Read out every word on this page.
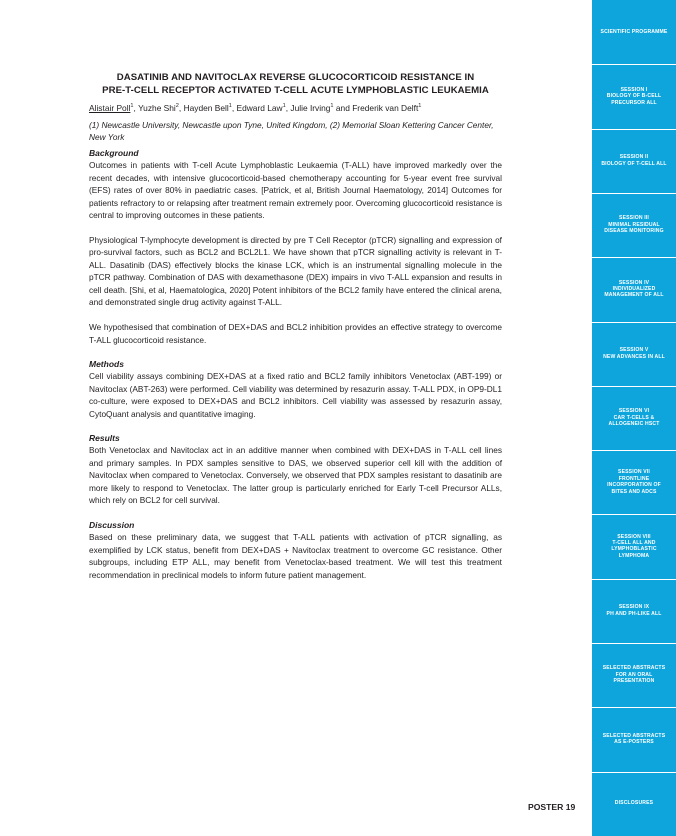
DASATINIB AND NAVITOCLAX REVERSE GLUCOCORTICOID RESISTANCE IN
PRE-T-CELL RECEPTOR ACTIVATED T-CELL ACUTE LYMPHOBLASTIC LEUKAEMIA
Alistair Poll$^1$, Yuzhe Shi$^2$, Hayden Bell$^1$, Edward Law$^1$, Julie Irving$^1$ and Frederik van Delft$^1$
(1) Newcastle University, Newcastle upon Tyne, United Kingdom, (2) Memorial Sloan Kettering Cancer Center, New York
Background
Outcomes in patients with T-cell Acute Lymphoblastic Leukaemia (T-ALL) have improved markedly over the recent decades, with intensive glucocorticoid-based chemotherapy accounting for 5-year event free survival (EFS) rates of over 80% in paediatric cases. [Patrick, et al, British Journal Haematology, 2014] Outcomes for patients refractory to or relapsing after treatment remain extremely poor. Overcoming glucocorticoid resistance is central to improving outcomes in these patients.
Physiological T-lymphocyte development is directed by pre T Cell Receptor (pTCR) signalling and expression of pro-survival factors, such as BCL2 and BCL2L1. We have shown that pTCR signalling activity is relevant in T-ALL. Dasatinib (DAS) effectively blocks the kinase LCK, which is an instrumental signalling molecule in the pTCR pathway. Combination of DAS with dexamethasone (DEX) impairs in vivo T-ALL expansion and results in cell death. [Shi, et al, Haematologica, 2020] Potent inhibitors of the BCL2 family have entered the clinical arena, and demonstrated single drug activity against T-ALL.
We hypothesised that combination of DEX+DAS and BCL2 inhibition provides an effective strategy to overcome T-ALL glucocorticoid resistance.
Methods
Cell viability assays combining DEX+DAS at a fixed ratio and BCL2 family inhibitors Venetoclax (ABT-199) or Navitoclax (ABT-263) were performed. Cell viability was determined by resazurin assay. T-ALL PDX, in OP9-DL1 co-culture, were exposed to DEX+DAS and BCL2 inhibitors. Cell viability was assessed by resazurin assay, CytoQuant analysis and quantitative imaging.
Results
Both Venetoclax and Navitoclax act in an additive manner when combined with DEX+DAS in T-ALL cell lines and primary samples. In PDX samples sensitive to DAS, we observed superior cell kill with the addition of Navitoclax when compared to Venetoclax. Conversely, we observed that PDX samples resistant to dasatinib are more likely to respond to Venetoclax. The latter group is particularly enriched for Early T-cell Precursor ALLs, which rely on BCL2 for cell survival.
Discussion
Based on these preliminary data, we suggest that T-ALL patients with activation of pTCR signalling, as exemplified by LCK status, benefit from DEX+DAS + Navitoclax treatment to overcome GC resistance. Other subgroups, including ETP ALL, may benefit from Venetoclax-based treatment. We will test this treatment recommendation in preclinical models to inform future patient management.
POSTER 19
SCIENTIFIC PROGRAMME
SESSION I
BIOLOGY OF B-CELL
PRECURSOR ALL
SESSION II
BIOLOGY OF T-CELL ALL
SESSION III
MINIMAL RESIDUAL
DISEASE MONITORING
SESSION IV
INDIVIDUALIZED
MANAGEMENT OF ALL
SESSION V
NEW ADVANCES IN ALL
SESSION VI
CAR T-CELLS &
ALLOGENEIC HSCT
SESSION VII
FRONTLINE
INCORPORATION OF
BITES AND ADCS
SESSION VIII
T-CELL ALL AND
LYMPHOBLASTIC
LYMPHOMA
SESSION IX
PH AND PH-LIKE ALL
SELECTED ABSTRACTS
FOR AN ORAL
PRESENTATION
SELECTED ABSTRACTS
AS E-POSTERS
DISCLOSURES
